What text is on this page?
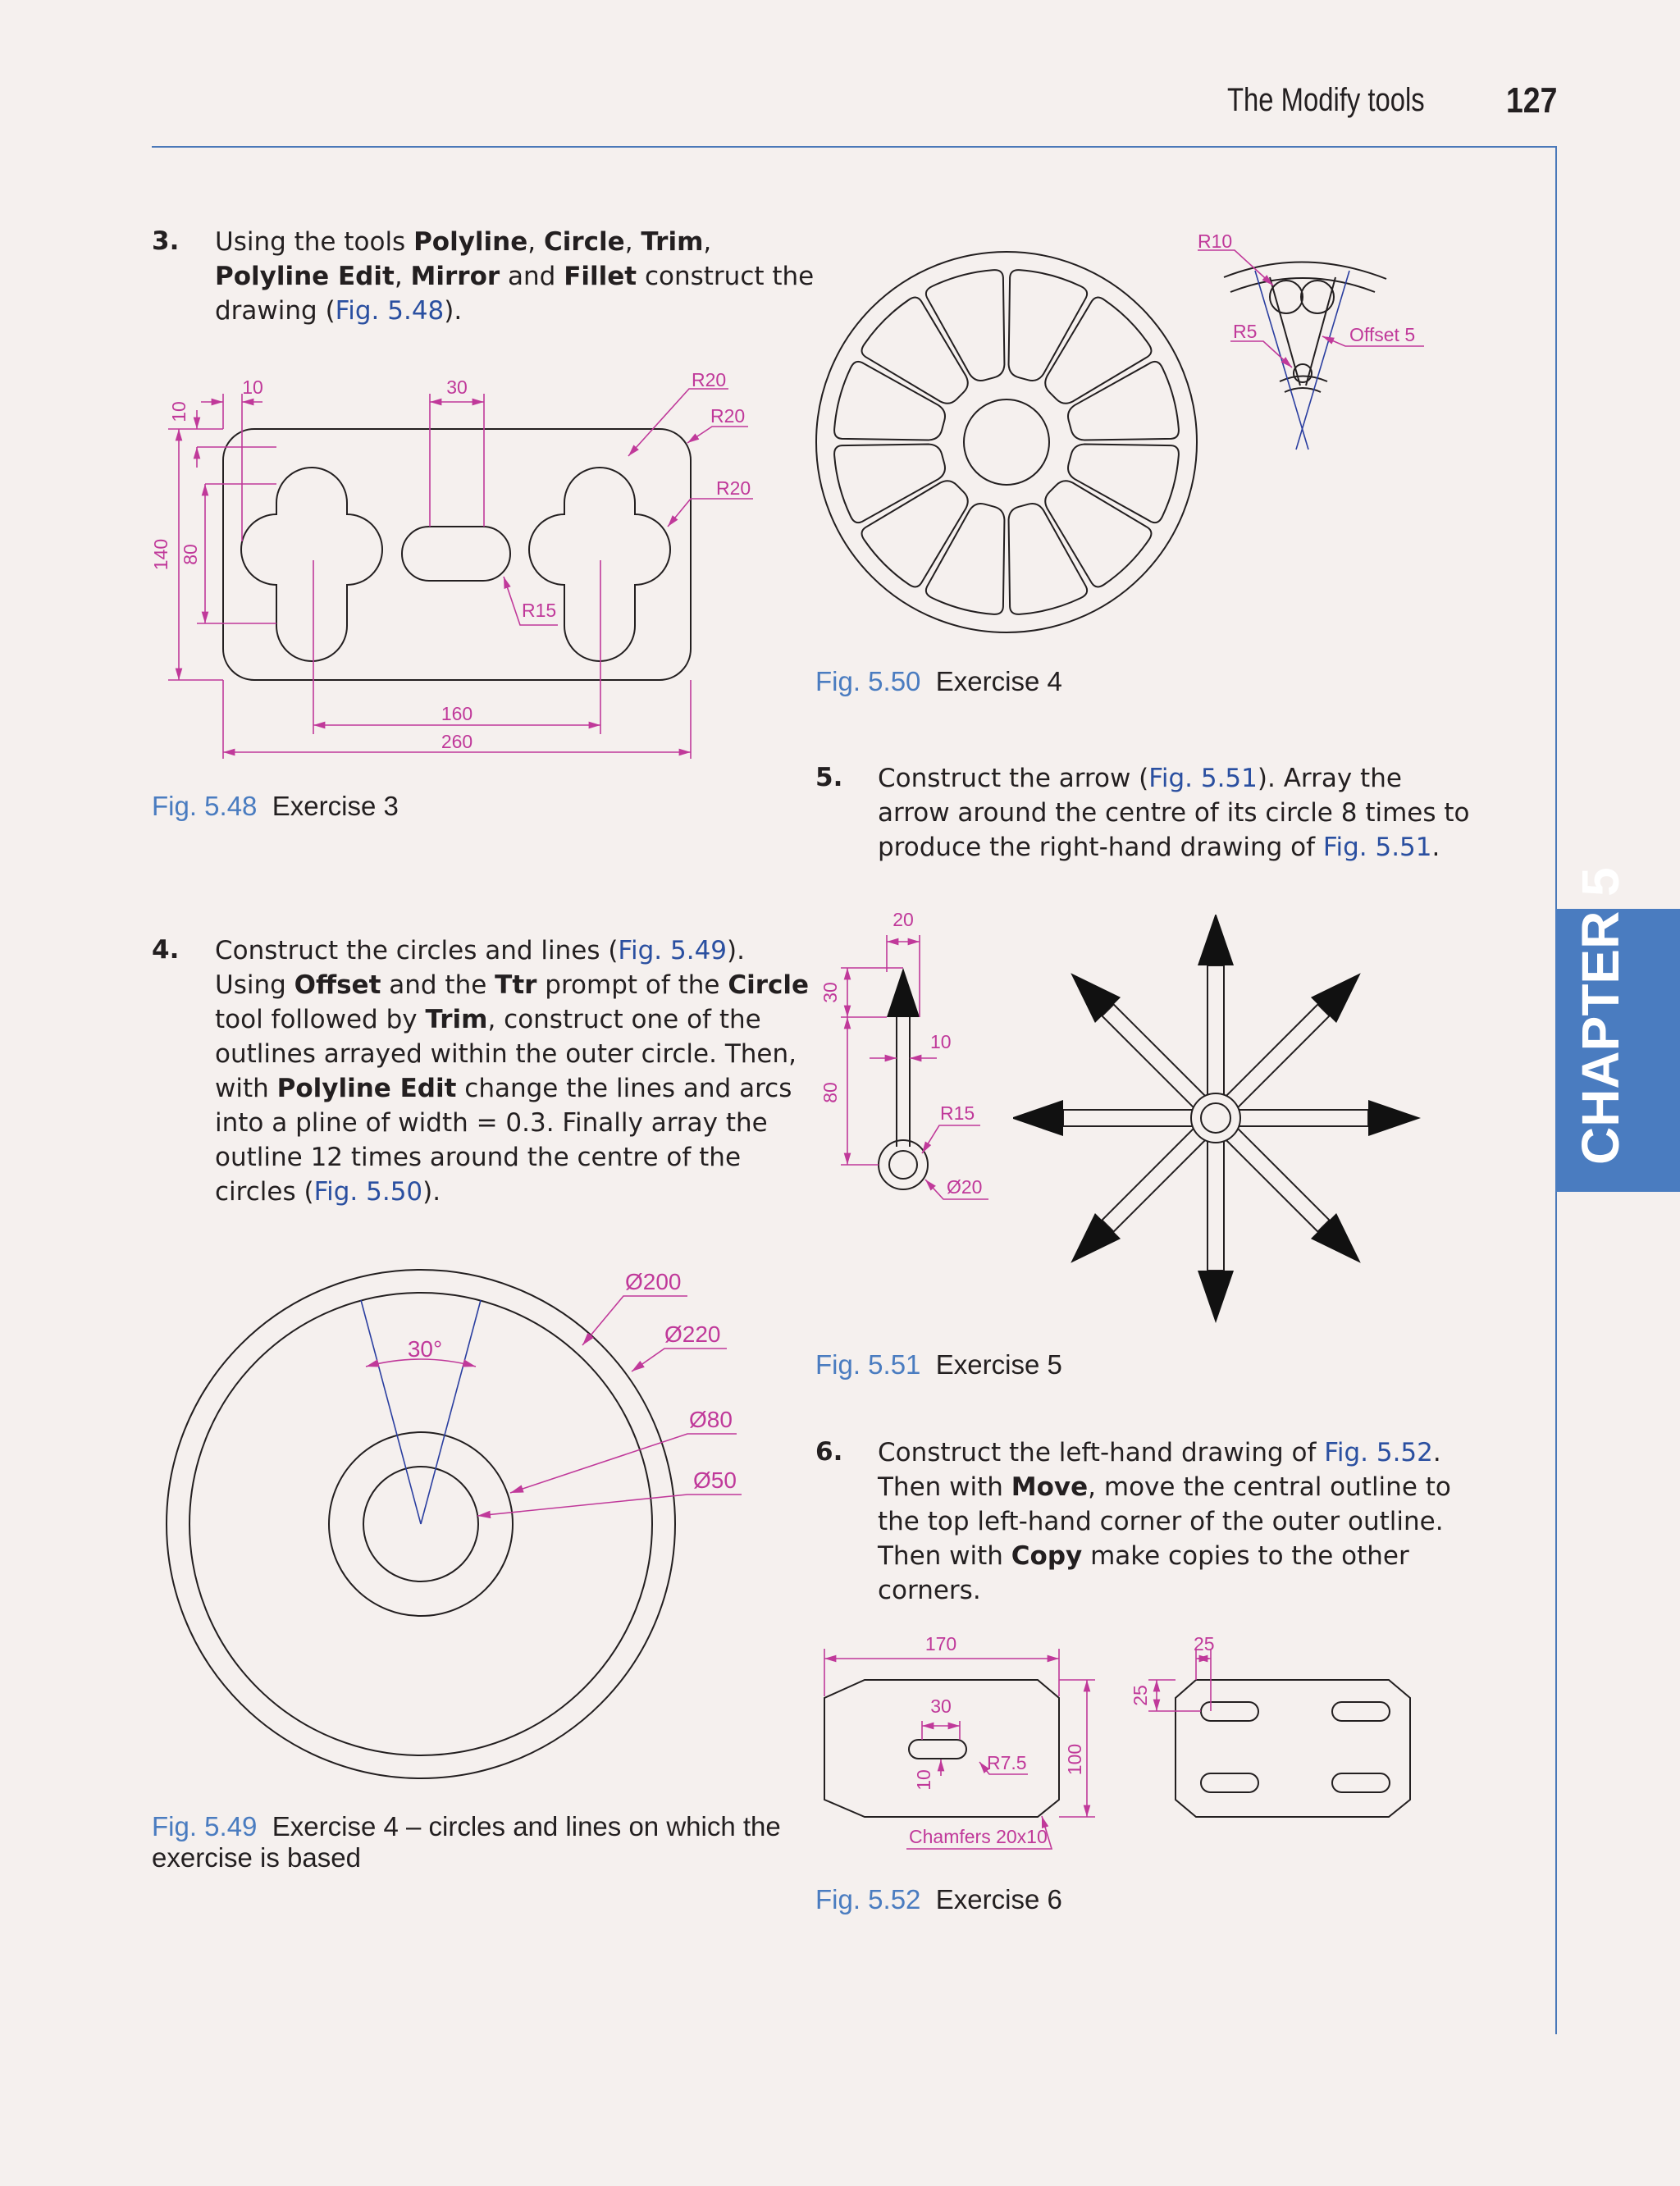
The Modify tools 127
CHAPTER 5
3. Using the tools Polyline, Circle, Trim,
Polyline Edit, Mirror and Fillet construct the
drawing (Fig. 5.48).
4. Construct the circles and lines (Fig. 5.49).
Using Offset and the Ttr prompt of the Circle
tool followed by Trim, construct one of the
outlines arrayed within the outer circle. Then,
with Polyline Edit change the lines and arcs
into a pline of width = 0.3. Finally array the
outline 12 times around the centre of the
circles (Fig. 5.50).
5. Construct the arrow (Fig. 5.51). Array the
arrow around the centre of its circle 8 times to
produce the right-hand drawing of Fig. 5.51.
6. Construct the left-hand drawing of Fig. 5.52.
Then with Move, move the central outline to
the top left-hand corner of the outer outline.
Then with Copy make copies to the other
corners.
Fig. 5.48 Exercise 3
Fig. 5.49 Exercise 4 – circles and lines on which the
exercise is based
Fig. 5.50 Exercise 4
Fig. 5.51 Exercise 5
Fig. 5.52 Exercise 6
160
260
30
10
140 80
10
R20
R20
R20
R15
30°
Ø200
Ø220
Ø80
Ø50
R10
R5	Offset 5
20
30
80
10
R15
Ø20
170
30
10
R7.5 100
Chamfers 20x10
25
25
